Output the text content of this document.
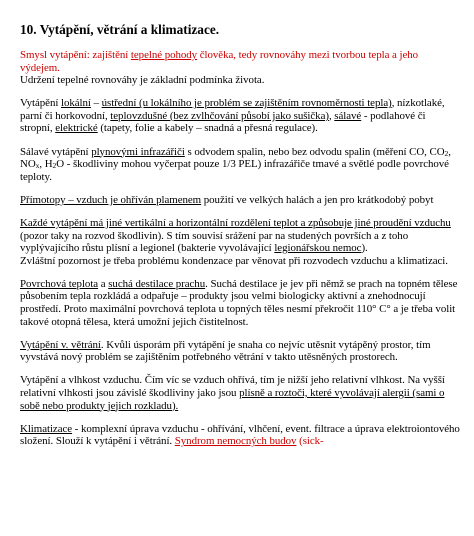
10. Vytápění, větrání a klimatizace.
Smysl vytápění: zajištění tepelné pohody člověka, tedy rovnováhy mezi tvorbou tepla a jeho výdejem.
Udržení tepelné rovnováhy je základní podmínka života.
Vytápění lokální – ústřední (u lokálního je problém se zajištěním rovnoměrnosti tepla), nízkotlaké, parní či horkovodní, teplovzdušné (bez zvlhčování působí jako sušička), sálavé - podlahové či stropní, elektrické (tapety, folie a kabely – snadná a přesná regulace).
Sálavé vytápění plynovými infrazářiči s odvodem spalin, nebo bez odvodu spalin (měření CO, $CO_2$, $NO_x$, $H_2O$ - škodliviny mohou vyčerpat pouze 1/3 PEL) infrazářiče tmavé a světlé podle povrchové teploty.
Přímotopy – vzduch je ohříván plamenem použití ve velkých halách a jen pro krátkodobý pobyt
Každé vytápění má jiné vertikální a horizontální rozdělení teplot a způsobuje jiné proudění vzduchu (pozor taky na rozvod škodlivin). S tím souvisí srážení par na studených površích a z toho vyplývajícího růstu plísní a legionel (bakterie vyvolávající legionářskou nemoc).
Zvláštní pozornost je třeba problému kondenzace par věnovat při rozvodech vzduchu a klimatizaci.
Povrchová teplota a suchá destilace prachu. Suchá destilace je jev při němž se prach na topném tělese působením tepla rozkládá a odpařuje – produkty jsou velmi biologicky aktivní a znehodnocují prostředí. Proto maximální povrchová teplota u topných těles nesmí překročit 110° C° a je třeba volit takové otopná tělesa, která umožní jejich čistitelnost.
Vytápění v. větrání. Kvůli úsporám při vytápění je snaha co nejvíc utěsnit vytápěný prostor, tím vyvstává nový problém se zajištěním potřebného větrání v takto utěsněných prostorech.
Vytápění a vlhkost vzduchu. Čím víc se vzduch ohřívá, tím je nižší jeho relativní vlhkost. Na vyšší relativní vlhkosti jsou závislé škodliviny jako jsou plísně a roztoči, které vyvolávají alergii (sami o sobě nebo produkty jejich rozkladu).
Klimatizace - komplexní úprava vzduchu - ohřívání, vlhčení, event. filtrace a úprava elektroiontového složení. Slouží k vytápění i větrání. Syndrom nemocných budov (sick-
